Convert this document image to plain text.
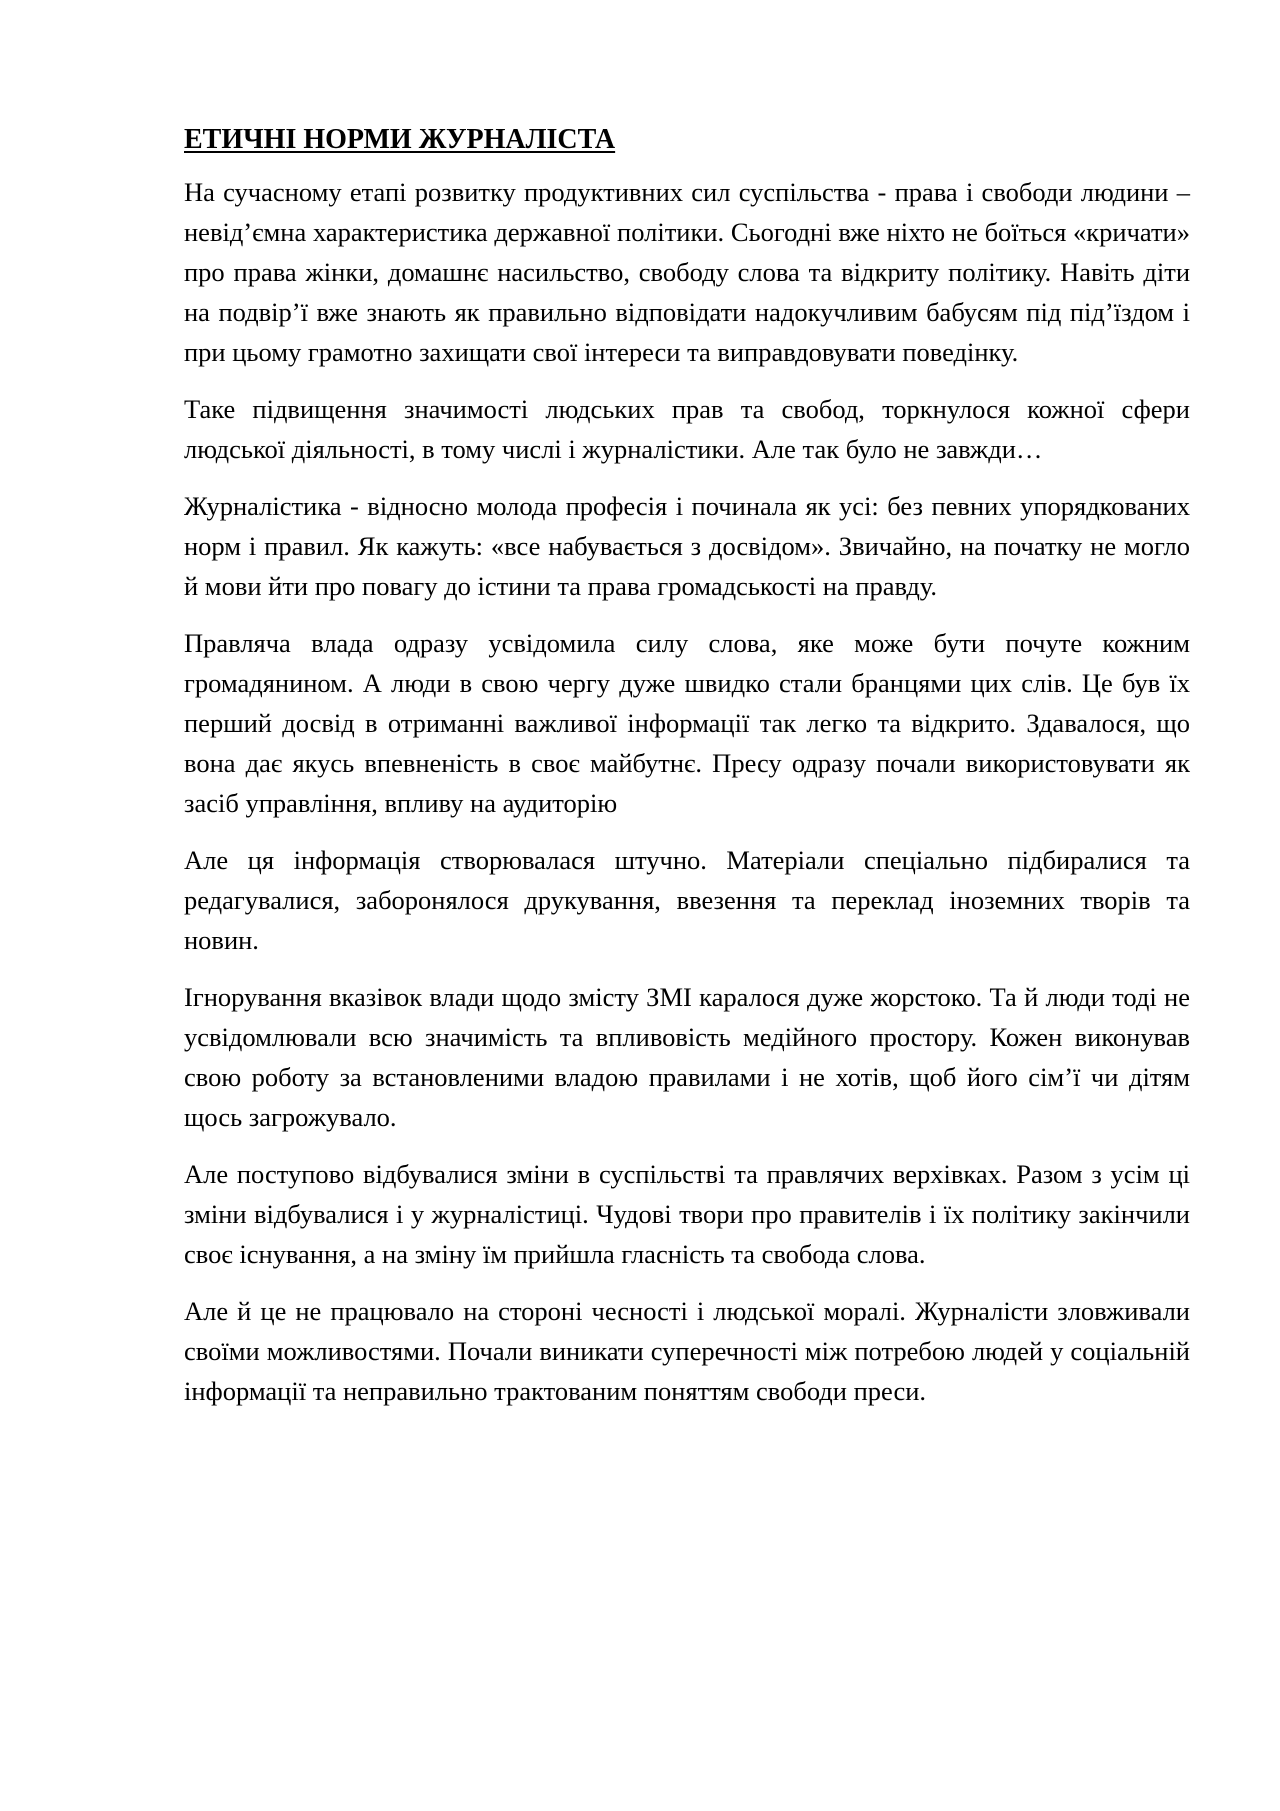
ЕТИЧНІ НОРМИ ЖУРНАЛІСТА

На сучасному етапі розвитку продуктивних сил суспільства - права і свободи людини – невід’ємна характеристика державної політики. Сьогодні вже ніхто не боїться «кричати» про права жінки, домашнє насильство, свободу слова та відкриту політику. Навіть діти на подвір’ї вже знають як правильно відповідати надокучливим бабусям під під’їздом і при цьому грамотно захищати свої інтереси та виправдовувати поведінку.

Таке підвищення значимості людських прав та свобод, торкнулося кожної сфери людської діяльності, в тому числі і журналістики. Але так було не завжди…

Журналістика - відносно молода професія і починала як усі: без певних упорядкованих норм і правил. Як кажуть: «все набувається з досвідом». Звичайно, на початку не могло й мови йти про повагу до істини та права громадськості на правду.

Правляча влада одразу усвідомила силу слова, яке може бути почуте кожним громадянином. А люди в свою чергу дуже швидко стали бранцями цих слів. Це був їх перший досвід в отриманні важливої інформації так легко та відкрито. Здавалося, що вона дає якусь впевненість в своє майбутнє. Пресу одразу почали використовувати як засіб управління, впливу на аудиторію

Але ця інформація створювалася штучно. Матеріали спеціально підбиралися та редагувалися, заборонялося друкування, ввезення та переклад іноземних творів та новин.

Ігнорування вказівок влади щодо змісту ЗМІ каралося дуже жорстоко. Та й люди тоді не усвідомлювали всю значимість та впливовість медійного простору. Кожен виконував свою роботу за встановленими владою правилами і не хотів, щоб його сім’ї чи дітям щось загрожувало.

Але поступово відбувалися зміни в суспільстві та правлячих верхівках. Разом з усім ці зміни відбувалися і у журналістиці. Чудові твори про правителів і їх політику закінчили своє існування, а на зміну їм прийшла гласність та свобода слова.

Але й це не працювало на стороні чесності і людської моралі. Журналісти зловживали своїми можливостями. Почали виникати суперечності між потребою людей у соціальній інформації та неправильно трактованим поняттям свободи преси.
